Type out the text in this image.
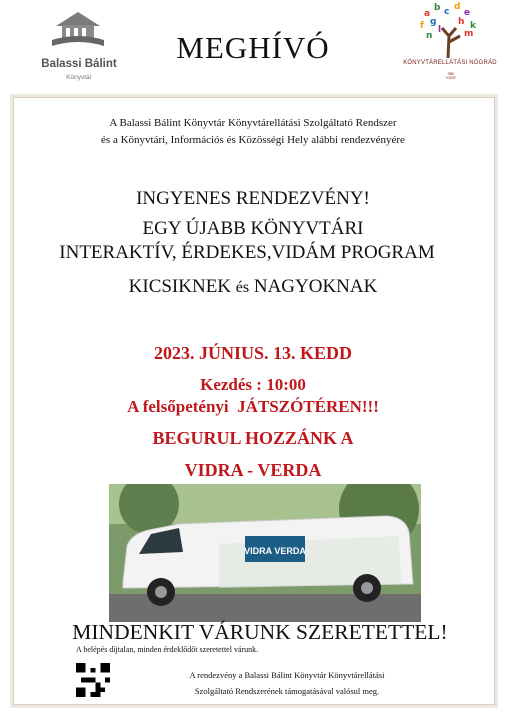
Balassi Bálint
Könyvtár
MEGHÍVÓ
a
b c d
e
f g h k
l	m
n
KÖNYVTÁRELLÁTÁSI NÓGRÁD
SBK KSZR
A Balassi Bálint Könyvtár Könyvtárellátási Szolgáltató Rendszer
és a Könyvtári, Információs és Közösségi Hely alábbi rendezvényére
INGYENES RENDEZVÉNY!
EGY ÚJABB KÖNYVTÁRI
INTERAKTÍV, ÉRDEKES,VIDÁM PROGRAM
KICSIKNEK és NAGYOKNAK
2023. JÚNIUS. 13. KEDD
Kezdés : 10:00
A felsőpetényi JÁTSZÓTÉREN!!!
BEGURUL HOZZÁNK A
VIDRA - VERDA
VIDRA VERDA
MINDENKIT VÁRUNK SZERETETTEL!
A belépés díjtalan, minden érdeklődőt szeretettel várunk.
A rendezvény a Balassi Bálint Könyvtár Könyvtárellátási
Szolgáltató Rendszerének támogatásával valósul meg.
